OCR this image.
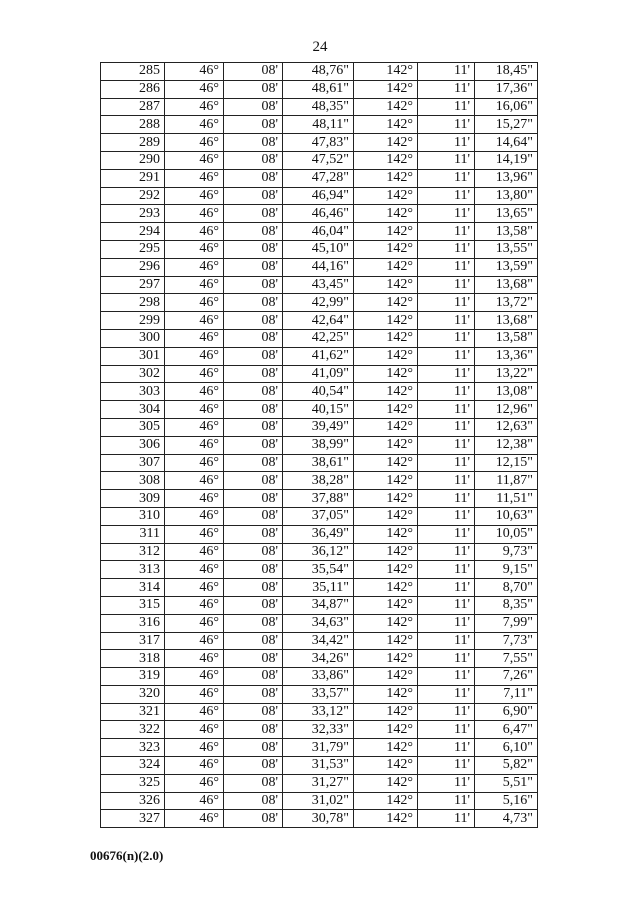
24
285	46°	08'	48,76"	142°	11'	18,45"
286	46°	08'	48,61"	142°	11'	17,36"
287	46°	08'	48,35"	142°	11'	16,06"
288	46°	08'	48,11"	142°	11'	15,27"
289	46°	08'	47,83"	142°	11'	14,64"
290	46°	08'	47,52"	142°	11'	14,19"
291	46°	08'	47,28"	142°	11'	13,96"
292	46°	08'	46,94"	142°	11'	13,80"
293	46°	08'	46,46"	142°	11'	13,65"
294	46°	08'	46,04"	142°	11'	13,58"
295	46°	08'	45,10"	142°	11'	13,55"
296	46°	08'	44,16"	142°	11'	13,59"
297	46°	08'	43,45"	142°	11'	13,68"
298	46°	08'	42,99"	142°	11'	13,72"
299	46°	08'	42,64"	142°	11'	13,68"
300	46°	08'	42,25"	142°	11'	13,58"
301	46°	08'	41,62"	142°	11'	13,36"
302	46°	08'	41,09"	142°	11'	13,22"
303	46°	08'	40,54"	142°	11'	13,08"
304	46°	08'	40,15"	142°	11'	12,96"
305	46°	08'	39,49"	142°	11'	12,63"
306	46°	08'	38,99"	142°	11'	12,38"
307	46°	08'	38,61"	142°	11'	12,15"
308	46°	08'	38,28"	142°	11'	11,87"
309	46°	08'	37,88"	142°	11'	11,51"
310	46°	08'	37,05"	142°	11'	10,63"
311	46°	08'	36,49"	142°	11'	10,05"
312	46°	08'	36,12"	142°	11'	9,73"
313	46°	08'	35,54"	142°	11'	9,15"
314	46°	08'	35,11"	142°	11'	8,70"
315	46°	08'	34,87"	142°	11'	8,35"
316	46°	08'	34,63"	142°	11'	7,99"
317	46°	08'	34,42"	142°	11'	7,73"
318	46°	08'	34,26"	142°	11'	7,55"
319	46°	08'	33,86"	142°	11'	7,26"
320	46°	08'	33,57"	142°	11'	7,11"
321	46°	08'	33,12"	142°	11'	6,90"
322	46°	08'	32,33"	142°	11'	6,47"
323	46°	08'	31,79"	142°	11'	6,10"
324	46°	08'	31,53"	142°	11'	5,82"
325	46°	08'	31,27"	142°	11'	5,51"
326	46°	08'	31,02"	142°	11'	5,16"
327	46°	08'	30,78"	142°	11'	4,73"
00676(n)(2.0)
